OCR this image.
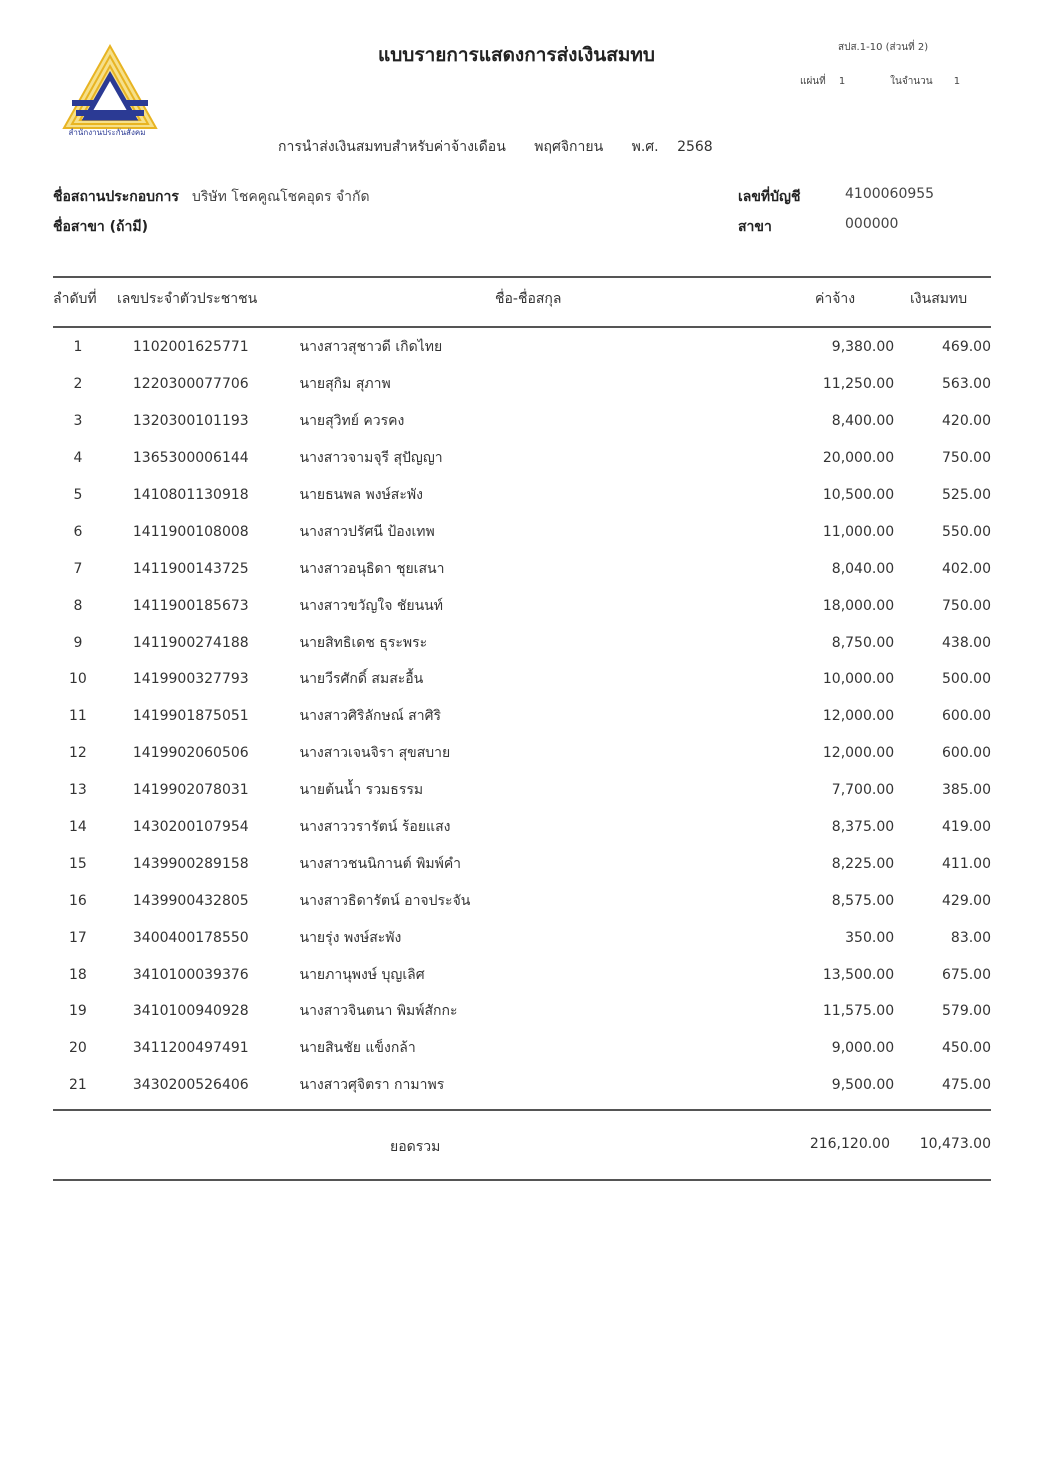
สำนักงานประกันสังคม
แบบรายการแสดงการส่งเงินสมทบ	สปส.1-10 (ส่วนที่ 2)
แผ่นที่ 1	ในจำนวน 1
การนำส่งเงินสมทบสำหรับค่าจ้างเดือน พฤศจิกายน พ.ศ. 2568
ชื่อสถานประกอบการ บริษัท โชคคูณโชคอุดร จำกัด
ชื่อสาขา (ถ้ามี)
เลขที่บัญชี	4100060955
สาขา	000000
ลำดับที่ เลขประจำตัวประชาชน	ชื่อ-ชื่อสกุล	ค่าจ้าง	เงินสมทบ
1	1102001625771	นางสาวสุชาวดี เกิดไทย	9,380.00	469.00
2	1220300077706	นายสุกิม สุภาพ	11,250.00	563.00
3	1320300101193	นายสุวิทย์ ควรคง	8,400.00	420.00
4	1365300006144	นางสาวจามจุรี สุปัญญา	20,000.00	750.00
5	1410801130918	นายธนพล พงษ์สะพัง	10,500.00	525.00
6	1411900108008	นางสาวปรัศนี ป้องเทพ	11,000.00	550.00
7	1411900143725	นางสาวอนุธิดา ชุยเสนา	8,040.00	402.00
8	1411900185673	นางสาวขวัญใจ ชัยนนท์	18,000.00	750.00
9	1411900274188	นายสิทธิเดช ธุระพระ	8,750.00	438.00
10	1419900327793	นายวีรศักดิ์ สมสะอื้น	10,000.00	500.00
11	1419901875051	นางสาวศิริลักษณ์ สาศิริ	12,000.00	600.00
12	1419902060506	นางสาวเจนจิรา สุขสบาย	12,000.00	600.00
13	1419902078031	นายต้นน้ำ รวมธรรม	7,700.00	385.00
14	1430200107954	นางสาววรารัตน์ ร้อยแสง	8,375.00	419.00
15	1439900289158	นางสาวชนนิกานต์ พิมพ์คำ	8,225.00	411.00
16	1439900432805	นางสาวธิดารัตน์ อาจประจัน	8,575.00	429.00
17	3400400178550	นายรุ่ง พงษ์สะพัง	350.00	83.00
18	3410100039376	นายภานุพงษ์ บุญเลิศ	13,500.00	675.00
19	3410100940928	นางสาวจินตนา พิมพ์สักกะ	11,575.00	579.00
20	3411200497491	นายสินชัย แข็งกล้า	9,000.00	450.00
21	3430200526406	นางสาวศุจิตรา กามาพร	9,500.00	475.00
ยอดรวม	216,120.00	10,473.00
